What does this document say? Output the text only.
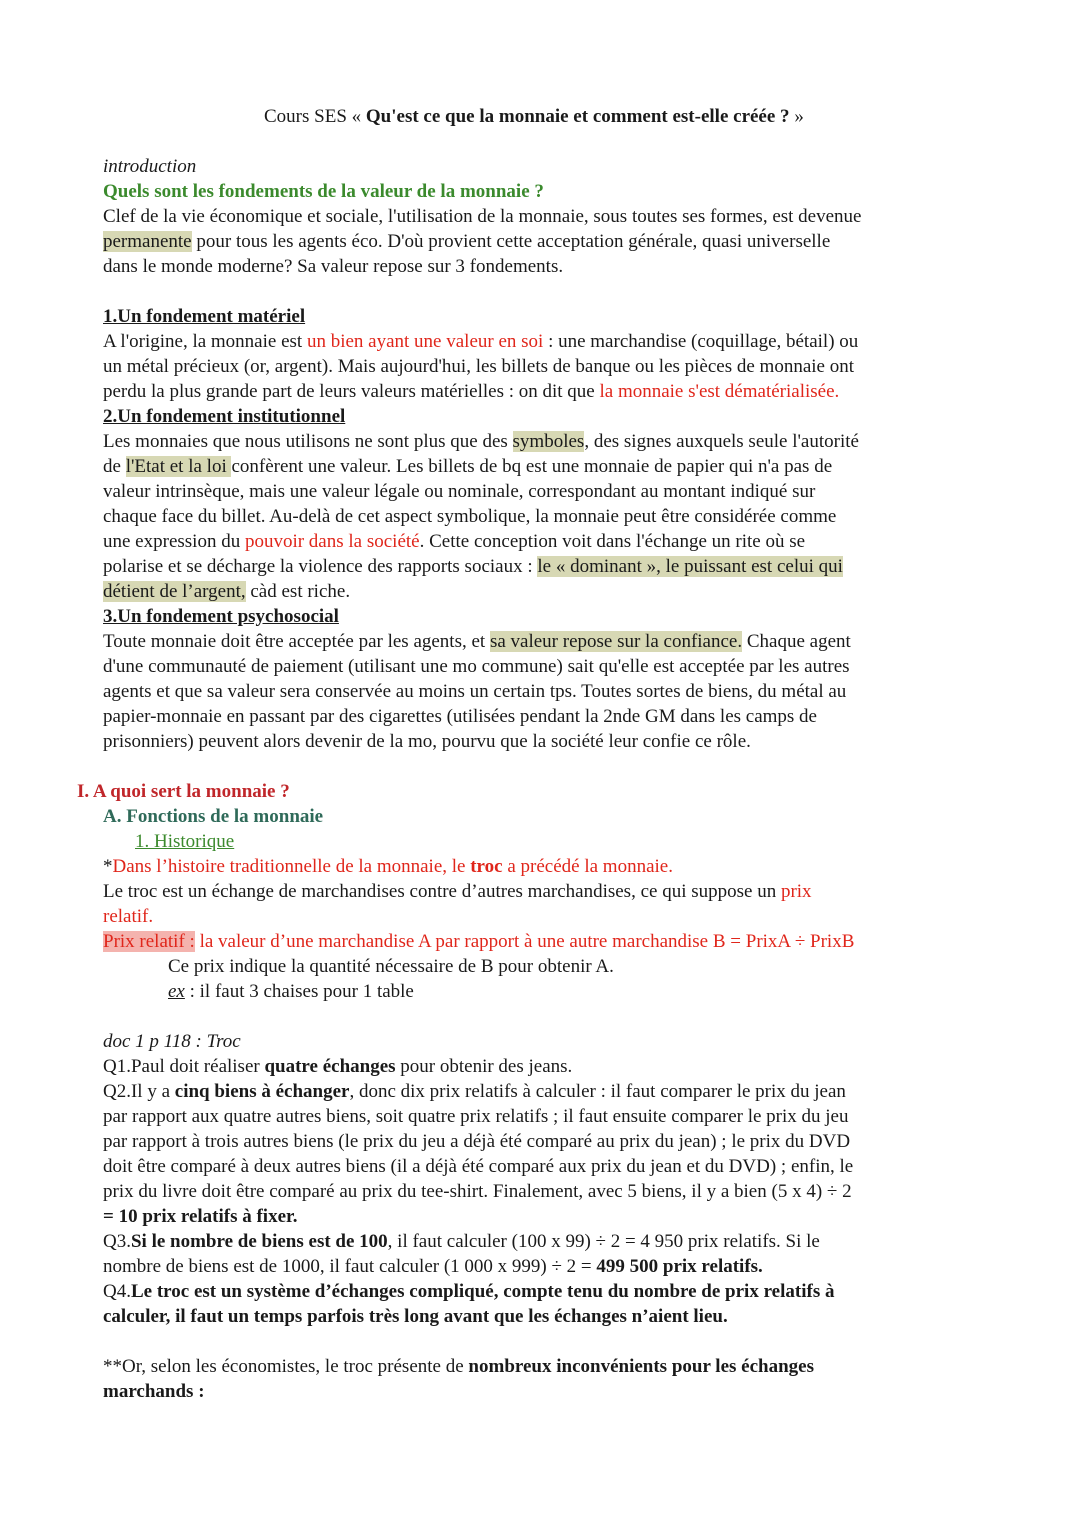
Cours SES « Qu'est ce que la monnaie et comment est-elle créée ? »
introduction
Quels sont les fondements de la valeur de la monnaie ?
Clef de la vie économique et sociale, l'utilisation de la monnaie, sous toutes ses formes, est devenue
permanente pour tous les agents éco. D'où provient cette acceptation générale, quasi universelle
dans le monde moderne? Sa valeur repose sur 3 fondements.
1.Un fondement matériel
A l'origine, la monnaie est un bien ayant une valeur en soi : une marchandise (coquillage, bétail) ou
un métal précieux (or, argent). Mais aujourd'hui, les billets de banque ou les pièces de monnaie ont
perdu la plus grande part de leurs valeurs matérielles : on dit que la monnaie s'est dématérialisée.
2.Un fondement institutionnel
Les monnaies que nous utilisons ne sont plus que des symboles, des signes auxquels seule l'autorité
de l'Etat et la loi confèrent une valeur. Les billets de bq est une monnaie de papier qui n'a pas de
valeur intrinsèque, mais une valeur légale ou nominale, correspondant au montant indiqué sur
chaque face du billet. Au-delà de cet aspect symbolique, la monnaie peut être considérée comme
une expression du pouvoir dans la société. Cette conception voit dans l'échange un rite où se
polarise et se décharge la violence des rapports sociaux : le « dominant », le puissant est celui qui
détient de l’argent, càd est riche.
3.Un fondement psychosocial
Toute monnaie doit être acceptée par les agents, et sa valeur repose sur la confiance. Chaque agent
d'une communauté de paiement (utilisant une mo commune) sait qu'elle est acceptée par les autres
agents et que sa valeur sera conservée au moins un certain tps. Toutes sortes de biens, du métal au
papier-monnaie en passant par des cigarettes (utilisées pendant la 2nde GM dans les camps de
prisonniers) peuvent alors devenir de la mo, pourvu que la société leur confie ce rôle.
I. A quoi sert la monnaie ?
A. Fonctions de la monnaie
1. Historique
*Dans l’histoire traditionnelle de la monnaie, le troc a précédé la monnaie.
Le troc est un échange de marchandises contre d’autres marchandises, ce qui suppose un prix
relatif.
Prix relatif : la valeur d’une marchandise A par rapport à une autre marchandise B = PrixA ÷ PrixB
Ce prix indique la quantité nécessaire de B pour obtenir A.
ex : il faut 3 chaises pour 1 table
doc 1 p 118 : Troc
Q1.Paul doit réaliser quatre échanges pour obtenir des jeans.
Q2.Il y a cinq biens à échanger, donc dix prix relatifs à calculer : il faut comparer le prix du jean
par rapport aux quatre autres biens, soit quatre prix relatifs ; il faut ensuite comparer le prix du jeu
par rapport à trois autres biens (le prix du jeu a déjà été comparé au prix du jean) ; le prix du DVD
doit être comparé à deux autres biens (il a déjà été comparé aux prix du jean et du DVD) ; enfin, le
prix du livre doit être comparé au prix du tee-shirt. Finalement, avec 5 biens, il y a bien (5 x 4) ÷ 2
= 10 prix relatifs à fixer.
Q3.Si le nombre de biens est de 100, il faut calculer (100 x 99) ÷ 2 = 4 950 prix relatifs. Si le
nombre de biens est de 1000, il faut calculer (1 000 x 999) ÷ 2 = 499 500 prix relatifs.
Q4.Le troc est un système d’échanges compliqué, compte tenu du nombre de prix relatifs à
calculer, il faut un temps parfois très long avant que les échanges n’aient lieu.
**Or, selon les économistes, le troc présente de nombreux inconvénients pour les échanges
marchands :
